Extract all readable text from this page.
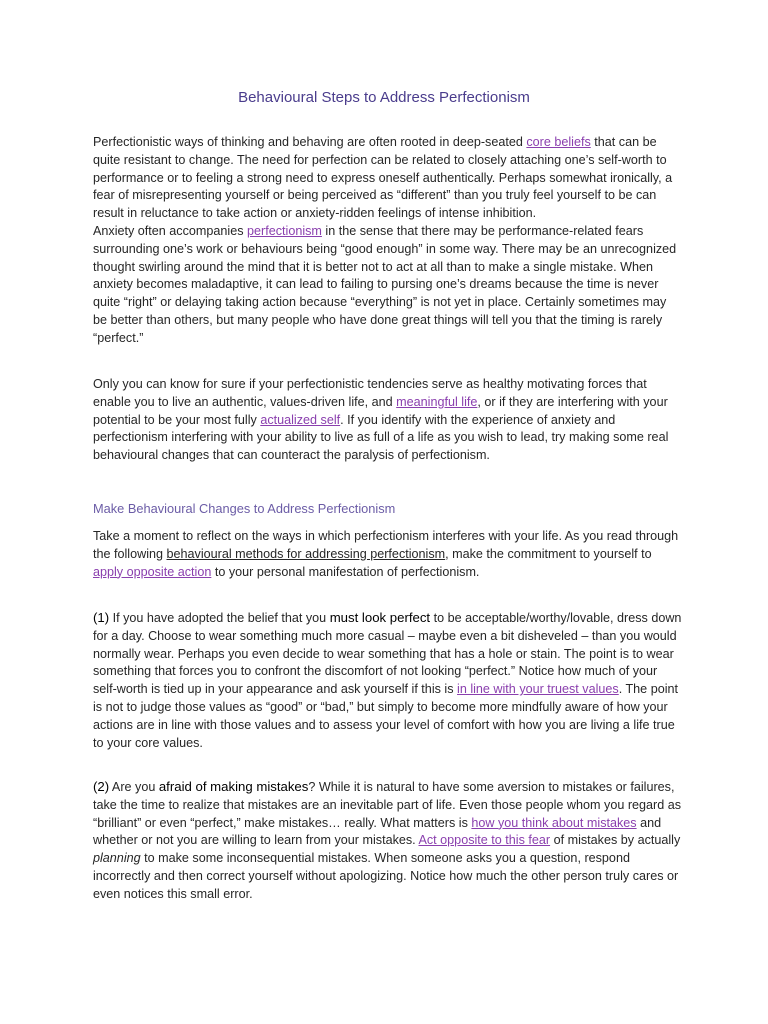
Behavioural Steps to Address Perfectionism

Perfectionistic ways of thinking and behaving are often rooted in deep-seated core beliefs that can be quite resistant to change. The need for perfection can be related to closely attaching one’s self-worth to performance or to feeling a strong need to express oneself authentically. Perhaps somewhat ironically, a fear of misrepresenting yourself or being perceived as “different” than you truly feel yourself to be can result in reluctance to take action or anxiety-ridden feelings of intense inhibition.

Anxiety often accompanies perfectionism in the sense that there may be performance-related fears surrounding one’s work or behaviours being “good enough” in some way. There may be an unrecognized thought swirling around the mind that it is better not to act at all than to make a single mistake. When anxiety becomes maladaptive, it can lead to failing to pursing one’s dreams because the time is never quite “right” or delaying taking action because “everything” is not yet in place. Certainly sometimes may be better than others, but many people who have done great things will tell you that the timing is rarely “perfect.”

Only you can know for sure if your perfectionistic tendencies serve as healthy motivating forces that enable you to live an authentic, values-driven life, and meaningful life, or if they are interfering with your potential to be your most fully actualized self. If you identify with the experience of anxiety and perfectionism interfering with your ability to live as full of a life as you wish to lead, try making some real behavioural changes that can counteract the paralysis of perfectionism.

Make Behavioural Changes to Address Perfectionism

Take a moment to reflect on the ways in which perfectionism interferes with your life. As you read through the following behavioural methods for addressing perfectionism, make the commitment to yourself to apply opposite action to your personal manifestation of perfectionism.

(1) If you have adopted the belief that you must look perfect to be acceptable/worthy/lovable, dress down for a day. Choose to wear something much more casual – maybe even a bit disheveled – than you would normally wear. Perhaps you even decide to wear something that has a hole or stain. The point is to wear something that forces you to confront the discomfort of not looking “perfect.” Notice how much of your self-worth is tied up in your appearance and ask yourself if this is in line with your truest values. The point is not to judge those values as “good” or “bad,” but simply to become more mindfully aware of how your actions are in line with those values and to assess your level of comfort with how you are living a life true to your core values.

(2) Are you afraid of making mistakes? While it is natural to have some aversion to mistakes or failures, take the time to realize that mistakes are an inevitable part of life. Even those people whom you regard as “brilliant” or even “perfect,” make mistakes… really. What matters is how you think about mistakes and whether or not you are willing to learn from your mistakes. Act opposite to this fear of mistakes by actually planning to make some inconsequential mistakes. When someone asks you a question, respond incorrectly and then correct yourself without apologizing. Notice how much the other person truly cares or even notices this small error.
